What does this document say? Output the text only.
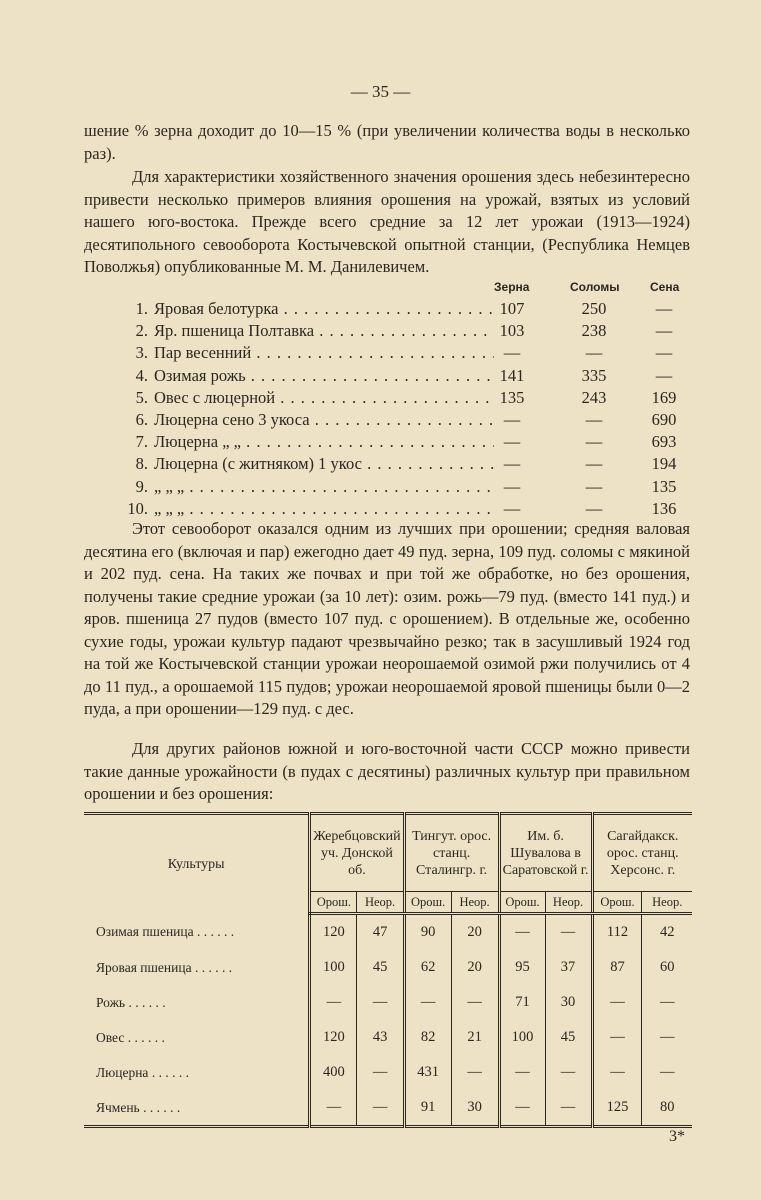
— 35 —
шение % зерна доходит до 10—15 % (при увеличении количества воды в несколько раз).
Для характеристики хозяйственного значения орошения здесь небезинтересно привести несколько примеров влияния орошения на урожай, взятых из условий нашего юго-востока. Прежде всего средние за 12 лет урожаи (1913—1924) десятипольного севооборота Костычевской опытной станции, (Республика Немцев Поволжья) опубликованные М. М. Данилевичем.
Зерна	Соломы	Сена
1. Яровая белотурка . . .	107	250	—
2. Яр. пшеница Полтавка . . .	103	238	—
3. Пар весенний . . .	—	—	—
4. Озимая рожь . . .	141	335	—
5. Овес с люцерной . . .	135	243	169
6. Люцерна сено 3 укоса . . .	—	—	690
7. Люцерна „ „ . . .	—	—	693
8. Люцерна (с житняком) 1 укос . . .	—	—	194
9. „ „ „ . . .	—	—	135
10. „ „ „ . . .	—	—	136
Этот севооборот оказался одним из лучших при орошении; средняя валовая десятина его (включая и пар) ежегодно дает 49 пуд. зерна, 109 пуд. соломы с мякиной и 202 пуд. сена. На таких же почвах и при той же обработке, но без орошения, получены такие средние урожаи (за 10 лет): озим. рожь—79 пуд. (вместо 141 пуд.) и яров. пшеница 27 пудов (вместо 107 пуд. с орошением). В отдельные же, особенно сухие годы, урожаи культур падают чрезвычайно резко; так в засушливый 1924 год на той же Костычевской станции урожаи неорошаемой озимой ржи получились от 4 до 11 пуд., а орошаемой 115 пудов; урожаи неорошаемой яровой пшеницы были 0—2 пуда, а при орошении—129 пуд. с дес.
Для других районов южной и юго-восточной части СССР можно привести такие данные урожайности (в пудах с десятины) различных культур при правильном орошении и без орошения:
Культуры	Жеребцовский уч. Донской об.		Тингут. орос. станц. Сталингр. г.		Им. б. Шувалова в Саратовской г.		Сагайдакск. орос. станц. Херсонс. г.	
	Орош.	Неор.	Орош.	Неор.	Орош.	Неор.	Орош.	Неор.
Озимая пшеница . . . . . .	120	47	90	20	—	—	112	42
Яровая пшеница . . . . . .	100	45	62	20	95	37	87	60
Рожь . . . . . .	—	—	—	—	71	30	—	—
Овес . . . . . .	120	43	82	21	100	45	—	—
Люцерна . . . . . .	400	—	431	—	—	—	—	—
Ячмень . . . . . .	—	—	91	30	—	—	125	80
3*
